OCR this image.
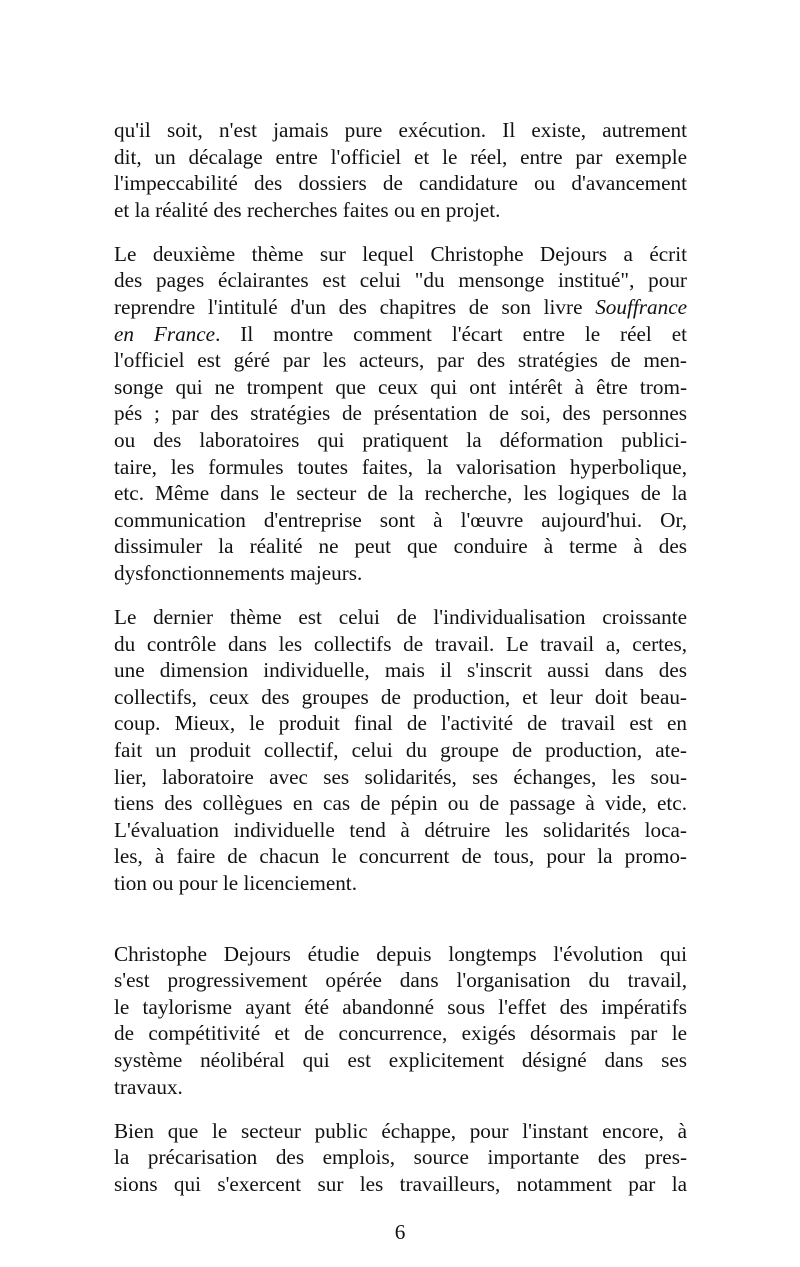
qu'il soit, n'est jamais pure exécution. Il existe, autrement
dit, un décalage entre l'officiel et le réel, entre par exemple
l'impeccabilité des dossiers de candidature ou d'avancement
et la réalité des recherches faites ou en projet.
Le deuxième thème sur lequel Christophe Dejours a écrit
des pages éclairantes est celui "du mensonge institué", pour
reprendre l'intitulé d'un des chapitres de son livre Souffrance
en France. Il montre comment l'écart entre le réel et
l'officiel est géré par les acteurs, par des stratégies de men-
songe qui ne trompent que ceux qui ont intérêt à être trom-
pés ; par des stratégies de présentation de soi, des personnes
ou des laboratoires qui pratiquent la déformation publici-
taire, les formules toutes faites, la valorisation hyperbolique,
etc. Même dans le secteur de la recherche, les logiques de la
communication d'entreprise sont à l'œuvre aujourd'hui. Or,
dissimuler la réalité ne peut que conduire à terme à des
dysfonctionnements majeurs.
Le dernier thème est celui de l'individualisation croissante
du contrôle dans les collectifs de travail. Le travail a, certes,
une dimension individuelle, mais il s'inscrit aussi dans des
collectifs, ceux des groupes de production, et leur doit beau-
coup. Mieux, le produit final de l'activité de travail est en
fait un produit collectif, celui du groupe de production, ate-
lier, laboratoire avec ses solidarités, ses échanges, les sou-
tiens des collègues en cas de pépin ou de passage à vide, etc.
L'évaluation individuelle tend à détruire les solidarités loca-
les, à faire de chacun le concurrent de tous, pour la promo-
tion ou pour le licenciement.
Christophe Dejours étudie depuis longtemps l'évolution qui
s'est progressivement opérée dans l'organisation du travail,
le taylorisme ayant été abandonné sous l'effet des impératifs
de compétitivité et de concurrence, exigés désormais par le
système néolibéral qui est explicitement désigné dans ses
travaux.
Bien que le secteur public échappe, pour l'instant encore, à
la précarisation des emplois, source importante des pres-
sions qui s'exercent sur les travailleurs, notamment par la
6
